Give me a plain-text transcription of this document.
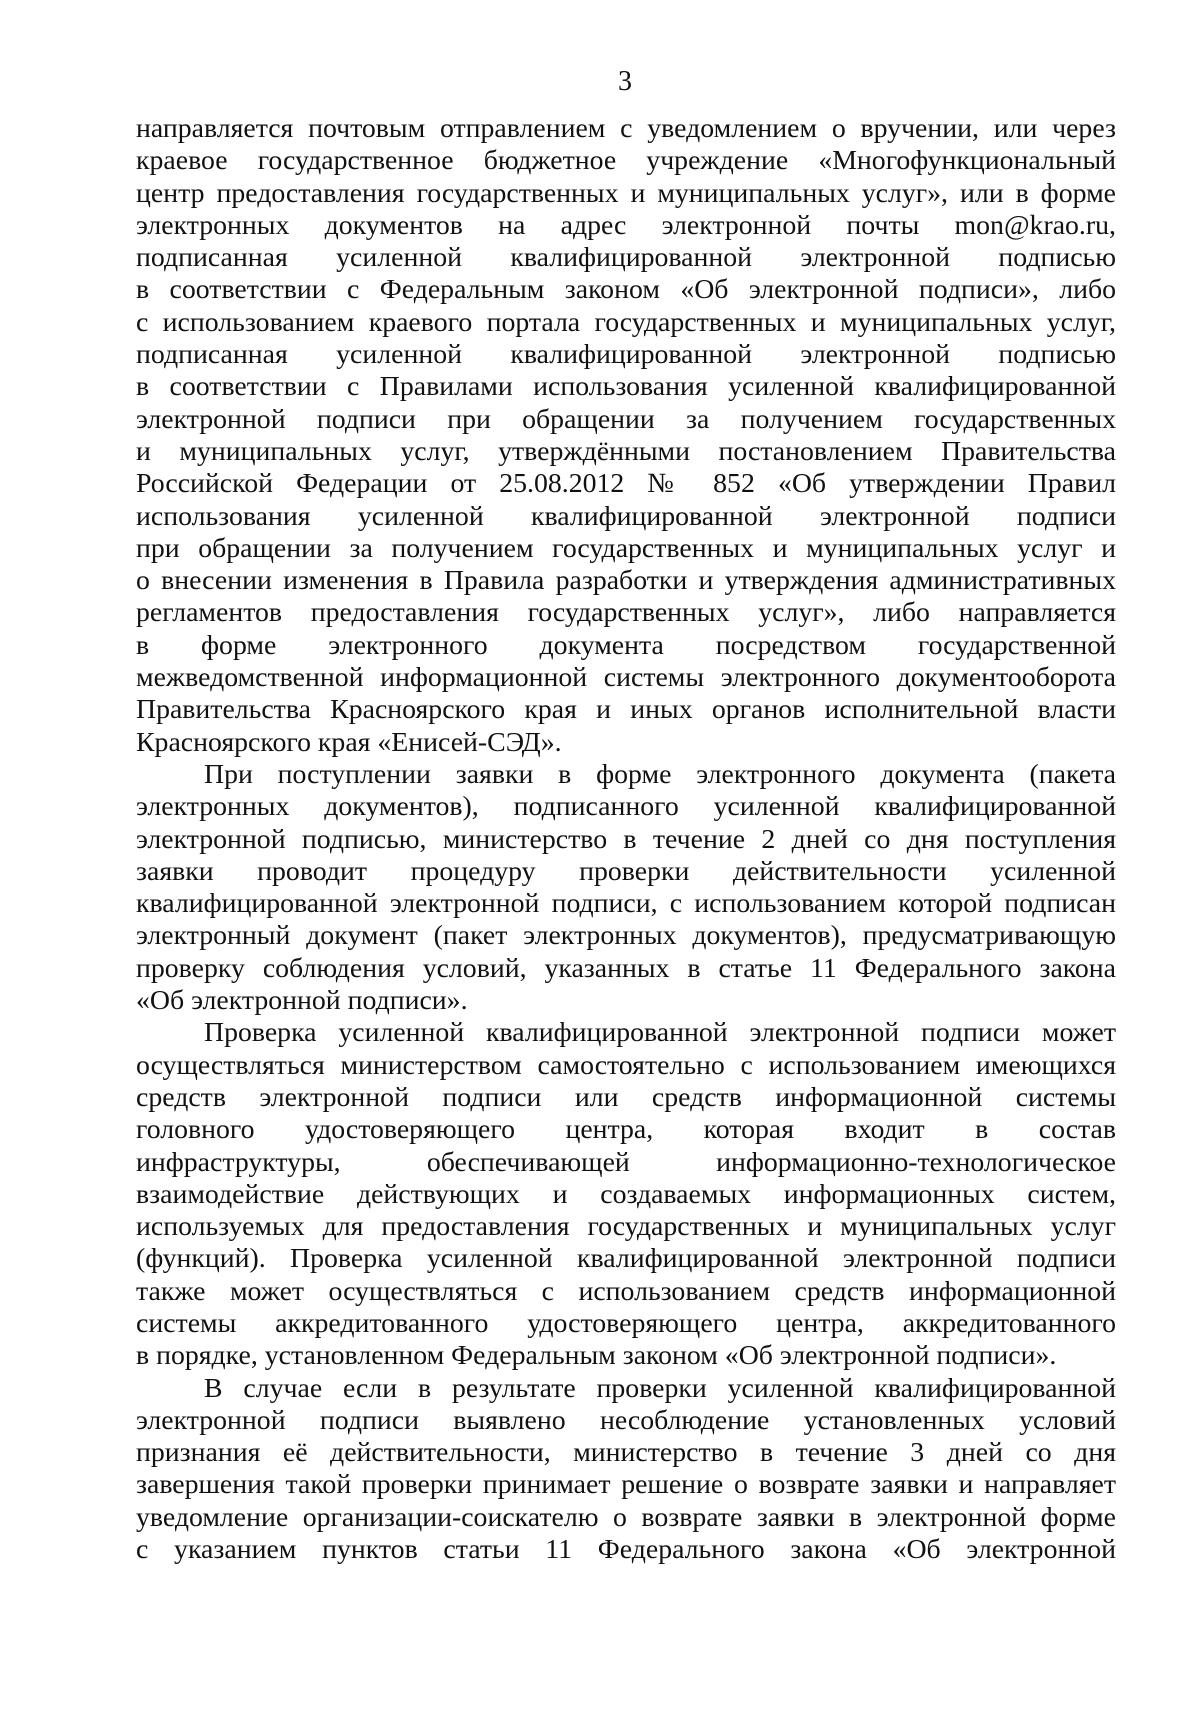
3
направляется почтовым отправлением с уведомлением о вручении, или через
краевое государственное бюджетное учреждение «Многофункциональный
центр предоставления государственных и муниципальных услуг», или в форме
электронных документов на адрес электронной почты mon@krao.ru,
подписанная усиленной квалифицированной электронной подписью
в соответствии с Федеральным законом «Об электронной подписи», либо
с использованием краевого портала государственных и муниципальных услуг,
подписанная усиленной квалифицированной электронной подписью
в соответствии с Правилами использования усиленной квалифицированной
электронной подписи при обращении за получением государственных
и муниципальных услуг, утверждёнными постановлением Правительства
Российской Федерации от 25.08.2012 № 852 «Об утверждении Правил
использования усиленной квалифицированной электронной подписи
при обращении за получением государственных и муниципальных услуг и
о внесении изменения в Правила разработки и утверждения административных
регламентов предоставления государственных услуг», либо направляется
в форме электронного документа посредством государственной
межведомственной информационной системы электронного документооборота
Правительства Красноярского края и иных органов исполнительной власти
Красноярского края «Енисей-СЭД».
При поступлении заявки в форме электронного документа (пакета
электронных документов), подписанного усиленной квалифицированной
электронной подписью, министерство в течение 2 дней со дня поступления
заявки проводит процедуру проверки действительности усиленной
квалифицированной электронной подписи, с использованием которой подписан
электронный документ (пакет электронных документов), предусматривающую
проверку соблюдения условий, указанных в статье 11 Федерального закона
«Об электронной подписи».
Проверка усиленной квалифицированной электронной подписи может
осуществляться министерством самостоятельно с использованием имеющихся
средств электронной подписи или средств информационной системы
головного удостоверяющего центра, которая входит в состав
инфраструктуры, обеспечивающей информационно-технологическое
взаимодействие действующих и создаваемых информационных систем,
используемых для предоставления государственных и муниципальных услуг
(функций). Проверка усиленной квалифицированной электронной подписи
также может осуществляться с использованием средств информационной
системы аккредитованного удостоверяющего центра, аккредитованного
в порядке, установленном Федеральным законом «Об электронной подписи».
В случае если в результате проверки усиленной квалифицированной
электронной подписи выявлено несоблюдение установленных условий
признания её действительности, министерство в течение 3 дней со дня
завершения такой проверки принимает решение о возврате заявки и направляет
уведомление организации-соискателю о возврате заявки в электронной форме
с указанием пунктов статьи 11 Федерального закона «Об электронной
